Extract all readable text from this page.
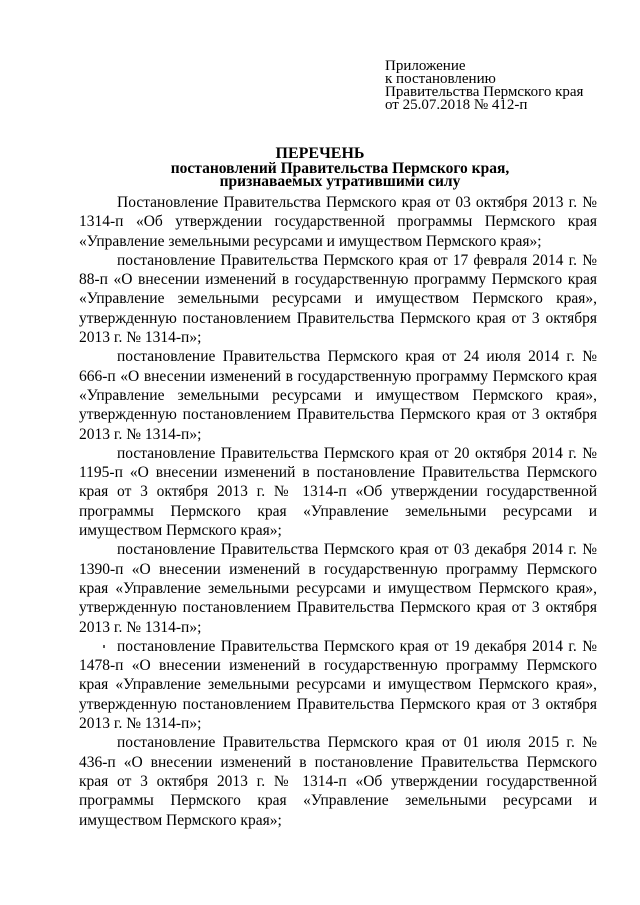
Приложение
к постановлению
Правительства Пермского края
от 25.07.2018 № 412-п
ПЕРЕЧЕНЬ
постановлений Правительства Пермского края,
признаваемых утратившими силу

Постановление Правительства Пермского края от 03 октября 2013 г. № 1314-п «Об утверждении государственной программы Пермского края «Управление земельными ресурсами и имуществом Пермского края»;

постановление Правительства Пермского края от 17 февраля 2014 г. № 88-п «О внесении изменений в государственную программу Пермского края «Управление земельными ресурсами и имуществом Пермского края», утвержденную постановлением Правительства Пермского края от 3 октября 2013 г. № 1314-п»;

постановление Правительства Пермского края от 24 июля 2014 г. № 666-п «О внесении изменений в государственную программу Пермского края «Управление земельными ресурсами и имуществом Пермского края», утвержденную постановлением Правительства Пермского края от 3 октября 2013 г. № 1314-п»;

постановление Правительства Пермского края от 20 октября 2014 г. № 1195-п «О внесении изменений в постановление Правительства Пермского края от 3 октября 2013 г. № 1314-п «Об утверждении государственной программы Пермского края «Управление земельными ресурсами и имуществом Пермского края»;

постановление Правительства Пермского края от 03 декабря 2014 г. № 1390-п «О внесении изменений в государственную программу Пермского края «Управление земельными ресурсами и имуществом Пермского края», утвержденную постановлением Правительства Пермского края от 3 октября 2013 г. № 1314-п»;

постановление Правительства Пермского края от 19 декабря 2014 г. № 1478-п «О внесении изменений в государственную программу Пермского края «Управление земельными ресурсами и имуществом Пермского края», утвержденную постановлением Правительства Пермского края от 3 октября 2013 г. № 1314-п»;

постановление Правительства Пермского края от 01 июля 2015 г. № 436-п «О внесении изменений в постановление Правительства Пермского края от 3 октября 2013 г. № 1314-п «Об утверждении государственной программы Пермского края «Управление земельными ресурсами и имуществом Пермского края»;
